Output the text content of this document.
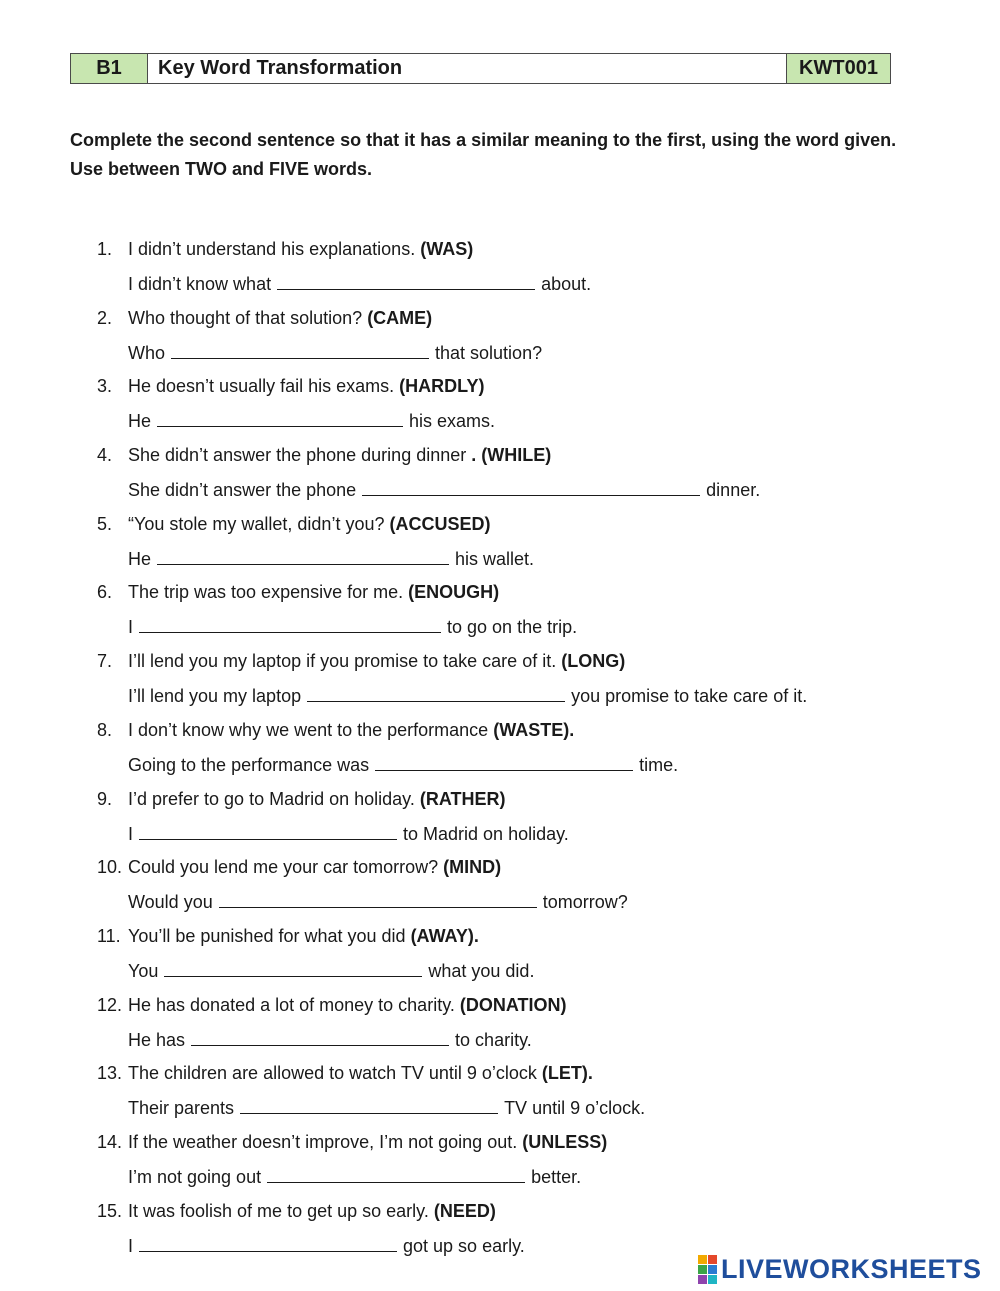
B1	Key Word Transformation	KWT001
Complete the second sentence so that it has a similar meaning to the first, using the word given. Use between TWO and FIVE words.
1. I didn’t understand his explanations. (WAS)
I didn’t know what	about.
2. Who thought of that solution? (CAME)
Who	that solution?
3. He doesn’t usually fail his exams. (HARDLY)
He	his exams.
4. She didn’t answer the phone during dinner . (WHILE)
She didn’t answer the phone	dinner.
5. “You stole my wallet, didn’t you? (ACCUSED)
He	his wallet.
6. The trip was too expensive for me. (ENOUGH)
I	to go on the trip.
7. I’ll lend you my laptop if you promise to take care of it. (LONG)
I’ll lend you my laptop	you promise to take care of it.
8. I don’t know why we went to the performance (WASTE).
Going to the performance was	time.
9. I’d prefer to go to Madrid on holiday. (RATHER)
I	to Madrid on holiday.
10. Could you lend me your car tomorrow? (MIND)
Would you	tomorrow?
11. You’ll be punished for what you did (AWAY).
You	what you did.
12. He has donated a lot of money to charity. (DONATION)
He has	to charity.
13. The children are allowed to watch TV until 9 o’clock (LET).
Their parents	TV until 9 o’clock.
14. If the weather doesn’t improve, I’m not going out. (UNLESS)
I’m not going out	better.
15. It was foolish of me to get up so early. (NEED)
I	got up so early.
LIVEWORKSHEETS
